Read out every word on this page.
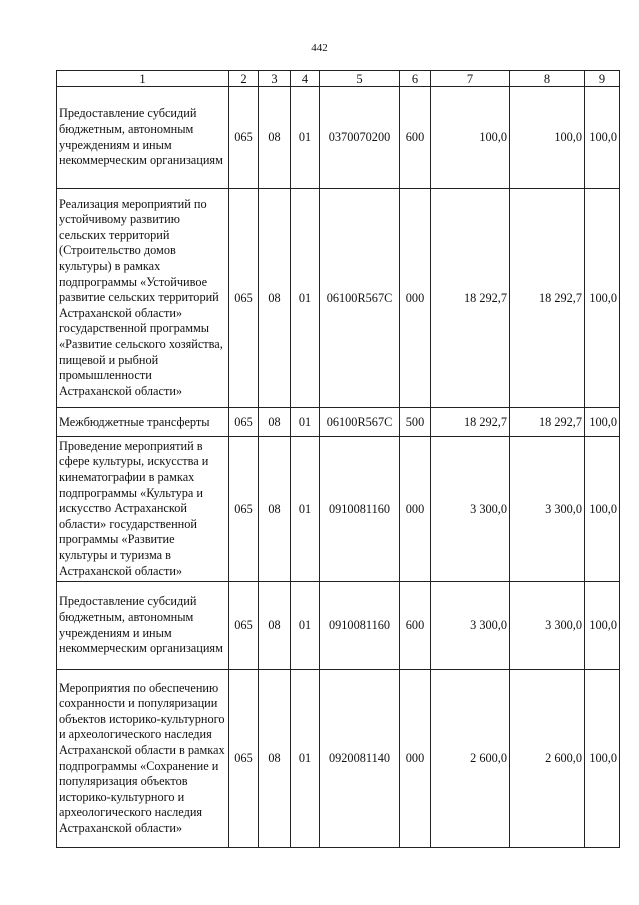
442
1	2	3	4	5	6	7	8	9
Предоставление субсидий бюджетным, автономным учреждениям и иным некоммерческим организациям	065	08	01	0370070200	600	100,0	100,0	100,0
Реализация мероприятий по устойчивому развитию сельских территорий (Строительство домов культуры) в рамках подпрограммы «Устойчивое развитие сельских территорий Астраханской области» государственной программы «Развитие сельского хозяйства, пищевой и рыбной промышленности Астраханской области»	065	08	01	06100R567C	000	18 292,7	18 292,7	100,0
Межбюджетные трансферты	065	08	01	06100R567C	500	18 292,7	18 292,7	100,0
Проведение мероприятий в сфере культуры, искусства и кинематографии в рамках подпрограммы «Культура и искусство Астраханской области» государственной программы «Развитие культуры и туризма в Астраханской области»	065	08	01	0910081160	000	3 300,0	3 300,0	100,0
Предоставление субсидий бюджетным, автономным учреждениям и иным некоммерческим организациям	065	08	01	0910081160	600	3 300,0	3 300,0	100,0
Мероприятия по обеспечению сохранности и популяризации объектов историко-культурного и археологического наследия Астраханской области в рамках подпрограммы «Сохранение и популяризация объектов историко-культурного и археологического наследия Астраханской области»	065	08	01	0920081140	000	2 600,0	2 600,0	100,0
